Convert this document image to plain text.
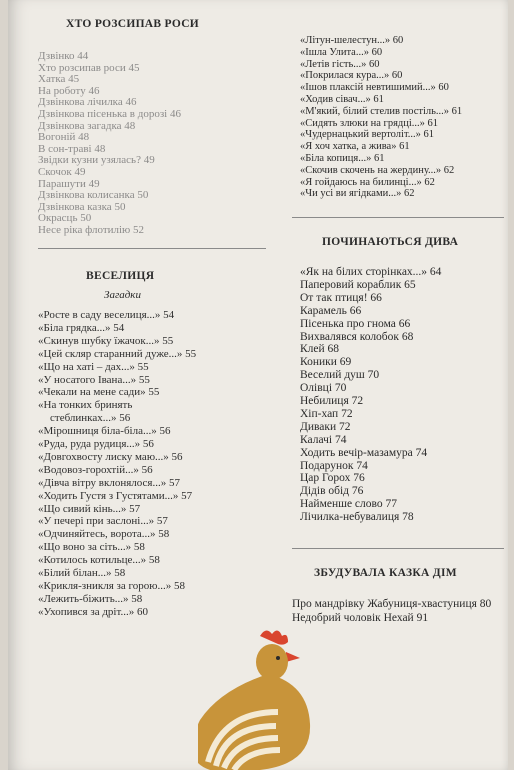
ХТО РОЗСИПАВ РОСИ
Дзвінко 44
Хто розсипав роси 45
Хатка 45
На роботу 46
Дзвінкова лічилка 46
Дзвінкова пісенька в дорозі 46
Дзвінкова загадка 48
Вогоній 48
В сон-траві 48
Звідки кузни узялась? 49
Скочок 49
Парашути 49
Дзвінкова колисанка 50
Дзвінкова казка 50
Окрасць 50
Несе ріка флотилію 52
ВЕСЕЛИЦЯ
Загадки
«Росте в саду веселиця...» 54
«Біла грядка...» 54
«Скинув шубку їжачок...» 55
«Цей скляр старанний дуже...» 55
«Що на хаті – дах...» 55
«У носатого Івана...» 55
«Чекали на мене сади» 55
«На тонких бринять
стеблинках...» 56
«Мірошниця біла-біла...» 56
«Руда, руда рудиця...» 56
«Довгохвосту лиску маю...» 56
«Водовоз-горохтій...» 56
«Дівча вітру вклонялося...» 57
«Ходить Густя з Густятами...» 57
«Що сивий кінь...» 57
«У печері при заслоні...» 57
«Одчиняйтесь, ворота...» 58
«Що воно за сіть...» 58
«Котилось котильце...» 58
«Білий білан...» 58
«Крикля-зникля за горою...» 58
«Лежить-біжить...» 58
«Ухопився за дріт...» 60
«Літун-шелестун...» 60
«Ішла Улита...» 60
«Летів гість...» 60
«Покрилася кура...» 60
«Ішов плаксій невтишимий...» 60
«Ходив сівач...» 61
«М'який, білий стелив постіль...» 61
«Сидять злюки на грядці...» 61
«Чудернацький вертоліт...» 61
«Я хоч хатка, а жива» 61
«Біла копиця...» 61
«Скочив скочень на жердину...» 62
«Я гойдаюсь на билинці...» 62
«Чи усі ви ягідками...» 62
ПОЧИНАЮТЬСЯ ДИВА
«Як на білих сторінках...» 64
Паперовий кораблик 65
От так птиця! 66
Карамель 66
Пісенька про гнома 66
Вихвалявся колобок 68
Клей 68
Коники 69
Веселий душ 70
Олівці 70
Небилиця 72
Хіп-хап 72
Диваки 72
Калачі 74
Ходить вечір-мазамура 74
Подарунок 74
Цар Горох 76
Дідів обід 76
Найменше слово 77
Лічилка-небувалиця 78
ЗБУДУВАЛА КАЗКА ДІМ
Про мандрівку Жабуниця-хвастуниця 80
Недобрий чоловік Нехай 91
